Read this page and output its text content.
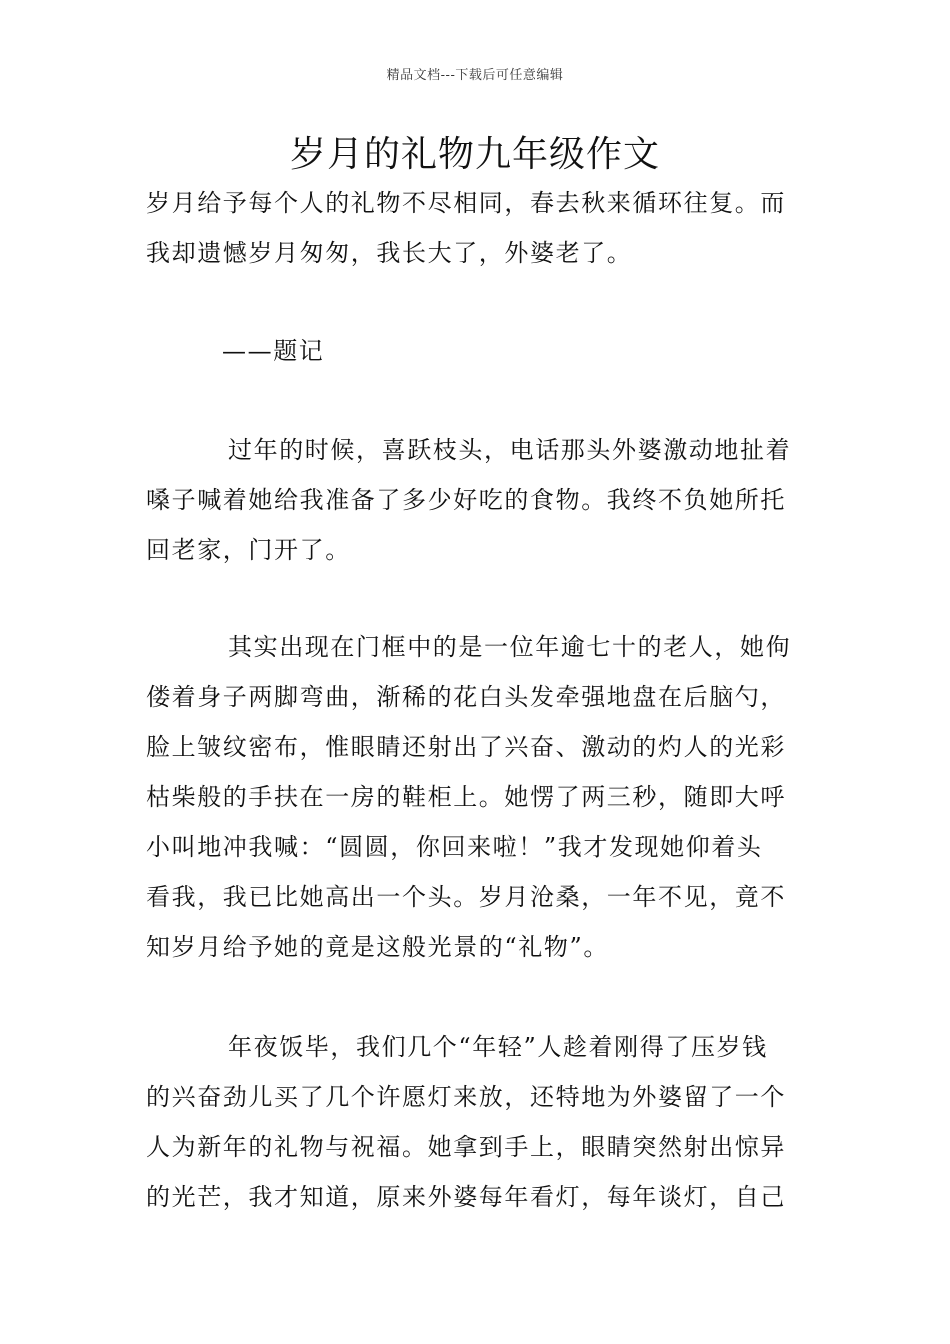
精品文档---下载后可任意编辑
岁月的礼物九年级作文
岁月给予每个人的礼物不尽相同，春去秋来循环往复。而
我却遗憾岁月匆匆，我长大了，外婆老了。
——题记
过年的时候，喜跃枝头，电话那头外婆激动地扯着
嗓子喊着她给我准备了多少好吃的食物。我终不负她所托
回老家，门开了。
其实出现在门框中的是一位年逾七十的老人，她佝
偻着身子两脚弯曲，渐稀的花白头发牵强地盘在后脑勺，
脸上皱纹密布，惟眼睛还射出了兴奋、激动的灼人的光彩
枯柴般的手扶在一房的鞋柜上。她愣了两三秒，随即大呼
小叫地冲我喊：“圆圆，你回来啦！”我才发现她仰着头
看我，我已比她高出一个头。岁月沧桑，一年不见，竟不
知岁月给予她的竟是这般光景的“礼物”。
年夜饭毕，我们几个“年轻”人趁着刚得了压岁钱
的兴奋劲儿买了几个许愿灯来放，还特地为外婆留了一个
人为新年的礼物与祝福。她拿到手上，眼睛突然射出惊异
的光芒，我才知道，原来外婆每年看灯，每年谈灯，自己
